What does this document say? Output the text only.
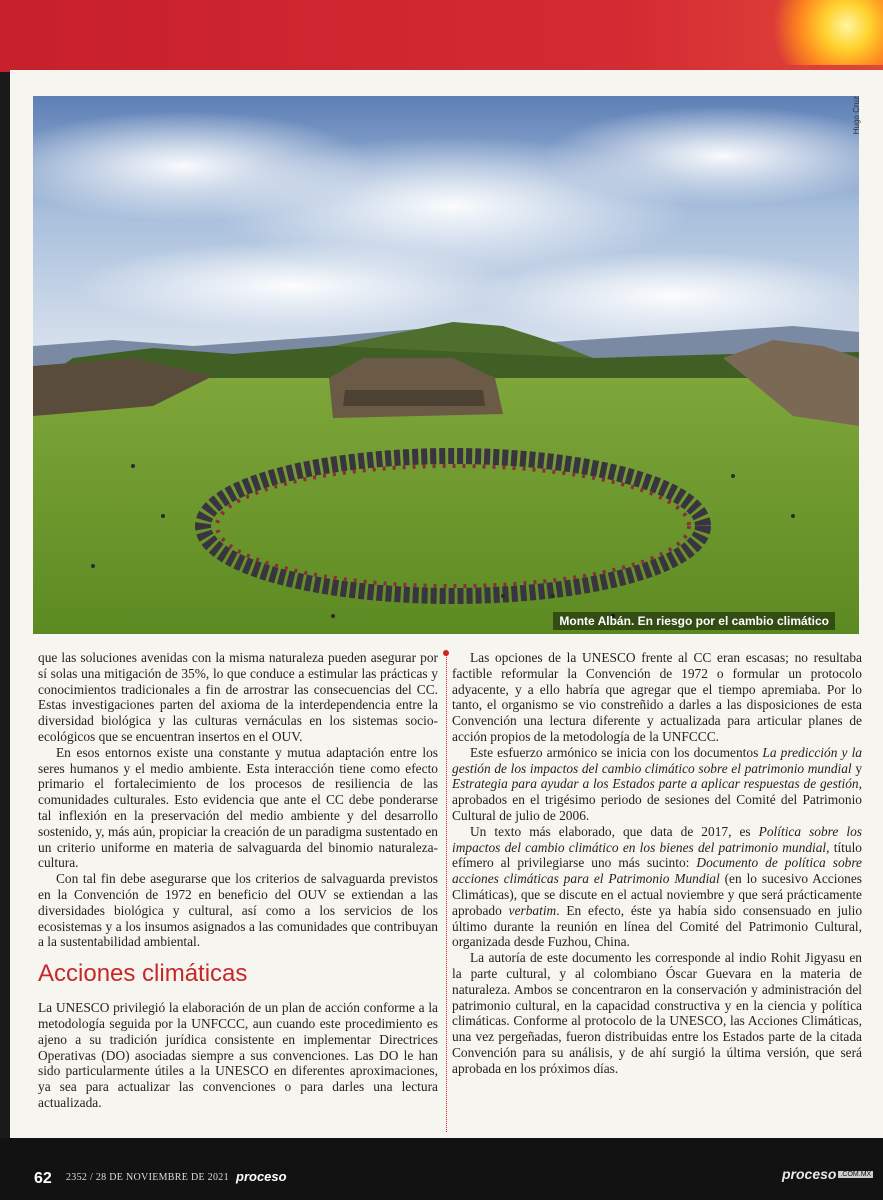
Monte Albán. En riesgo por el cambio climático
Hugo Cruz

que las soluciones avenidas con la misma naturaleza pueden asegurar por sí solas una mitigación de 35%, lo que conduce a estimular las prácticas y conocimientos tradicionales a fin de arrostrar las consecuencias del CC. Estas investigaciones parten del axioma de la interdependencia entre la diversidad biológica y las culturas vernáculas en los sistemas socio-ecológicos que se encuentran insertos en el OUV.

En esos entornos existe una constante y mutua adaptación entre los seres humanos y el medio ambiente. Esta interacción tiene como efecto primario el fortalecimiento de los procesos de resiliencia de las comunidades culturales. Esto evidencia que ante el CC debe ponderarse tal inflexión en la preservación del medio ambiente y del desarrollo sostenido, y, más aún, propiciar la creación de un paradigma sustentado en un criterio uniforme en materia de salvaguarda del binomio naturaleza-cultura.

Con tal fin debe asegurarse que los criterios de salvaguarda previstos en la Convención de 1972 en beneficio del OUV se extiendan a las diversidades biológica y cultural, así como a los servicios de los ecosistemas y a los insumos asignados a las comunidades que contribuyan a la sustentabilidad ambiental.

Acciones climáticas

La UNESCO privilegió la elaboración de un plan de acción conforme a la metodología seguida por la UNFCCC, aun cuando este procedimiento es ajeno a su tradición jurídica consistente en implementar Directrices Operativas (DO) asociadas siempre a sus convenciones. Las DO le han sido particularmente útiles a la UNESCO en diferentes aproximaciones, ya sea para actualizar las convenciones o para darles una lectura actualizada.

Las opciones de la UNESCO frente al CC eran escasas; no resultaba factible reformular la Convención de 1972 o formular un protocolo adyacente, y a ello habría que agregar que el tiempo apremiaba. Por lo tanto, el organismo se vio constreñido a darles a las disposiciones de esta Convención una lectura diferente y actualizada para articular planes de acción propios de la metodología de la UNFCCC.

Este esfuerzo armónico se inicia con los documentos La predicción y la gestión de los impactos del cambio climático sobre el patrimonio mundial y Estrategia para ayudar a los Estados parte a aplicar respuestas de gestión, aprobados en el trigésimo periodo de sesiones del Comité del Patrimonio Cultural de julio de 2006.

Un texto más elaborado, que data de 2017, es Política sobre los impactos del cambio climático en los bienes del patrimonio mundial, título efímero al privilegiarse uno más sucinto: Documento de política sobre acciones climáticas para el Patrimonio Mundial (en lo sucesivo Acciones Climáticas), que se discute en el actual noviembre y que será prácticamente aprobado verbatim. En efecto, éste ya había sido consensuado en julio último durante la reunión en línea del Comité del Patrimonio Cultural, organizada desde Fuzhou, China.

La autoría de este documento les corresponde al indio Rohit Jigyasu en la parte cultural, y al colombiano Óscar Guevara en la materia de naturaleza. Ambos se concentraron en la conservación y administración del patrimonio cultural, en la capacidad constructiva y en la ciencia y política climáticas. Conforme al protocolo de la UNESCO, las Acciones Climáticas, una vez pergeñadas, fueron distribuidas entre los Estados parte de la citada Convención para su análisis, y de ahí surgió la última versión, que será aprobada en los próximos días.

62 2352 / 28 DE NOVIEMBRE DE 2021 proceso	proceso $^{.COM.MX}$
